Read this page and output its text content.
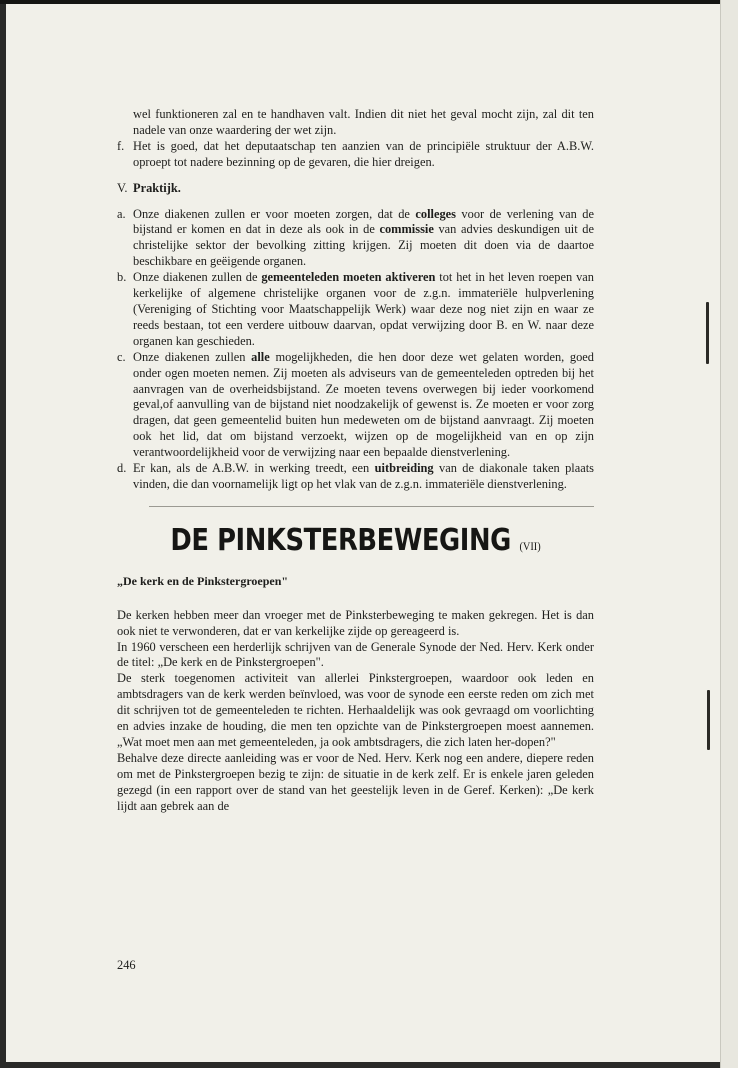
wel funktioneren zal en te handhaven valt. Indien dit niet het geval mocht zijn, zal dit ten nadele van onze waardering der wet zijn.

f. Het is goed, dat het deputaatschap ten aanzien van de principiële struktuur der A.B.W. oproept tot nadere bezinning op de gevaren, die hier dreigen.
V. Praktijk.
a. Onze diakenen zullen er voor moeten zorgen, dat de colleges voor de verlening van de bijstand er komen en dat in deze als ook in de commissie van advies deskundigen uit de christelijke sektor der bevolking zitting krijgen. Zij moeten dit doen via de daartoe beschikbare en geëigende organen.
b. Onze diakenen zullen de gemeenteleden moeten aktiveren tot het in het leven roepen van kerkelijke of algemene christelijke organen voor de z.g.n. immateriële hulpverlening (Vereniging of Stichting voor Maatschappelijk Werk) waar deze nog niet zijn en waar ze reeds bestaan, tot een verdere uitbouw daarvan, opdat verwijzing door B. en W. naar deze organen kan geschieden.
c. Onze diakenen zullen alle mogelijkheden, die hen door deze wet gelaten worden, goed onder ogen moeten nemen. Zij moeten als adviseurs van de gemeenteleden optreden bij het aanvragen van de overheidsbijstand. Ze moeten tevens overwegen bij ieder voorkomend geval,of aanvulling van de bijstand niet noodzakelijk of gewenst is. Ze moeten er voor zorg dragen, dat geen gemeentelid buiten hun medeweten om de bijstand aanvraagt. Zij moeten ook het lid, dat om bijstand verzoekt, wijzen op de mogelijkheid van en op zijn verantwoordelijkheid voor de verwijzing naar een bepaalde dienstverlening.
d. Er kan, als de A.B.W. in werking treedt, een uitbreiding van de diakonale taken plaats vinden, die dan voornamelijk ligt op het vlak van de z.g.n. immateriële dienstverlening.
DE PINKSTERBEWEGING (VII)

„De kerk en de Pinkstergroepen"

De kerken hebben meer dan vroeger met de Pinksterbeweging te maken gekregen. Het is dan ook niet te verwonderen, dat er van kerkelijke zijde op gereageerd is.

In 1960 verscheen een herderlijk schrijven van de Generale Synode der Ned. Herv. Kerk onder de titel: „De kerk en de Pinkstergroepen".

De sterk toegenomen activiteit van allerlei Pinkstergroepen, waardoor ook leden en ambtsdragers van de kerk werden beïnvloed, was voor de synode een eerste reden om zich met dit schrijven tot de gemeenteleden te richten. Herhaaldelijk was ook gevraagd om voorlichting en advies inzake de houding, die men ten opzichte van de Pinkstergroepen moest aannemen. „Wat moet men aan met gemeenteleden, ja ook ambtsdragers, die zich laten her-dopen?"

Behalve deze directe aanleiding was er voor de Ned. Herv. Kerk nog een andere, diepere reden om met de Pinkstergroepen bezig te zijn: de situatie in de kerk zelf. Er is enkele jaren geleden gezegd (in een rapport over de stand van het geestelijk leven in de Geref. Kerken): „De kerk lijdt aan gebrek aan de

246
